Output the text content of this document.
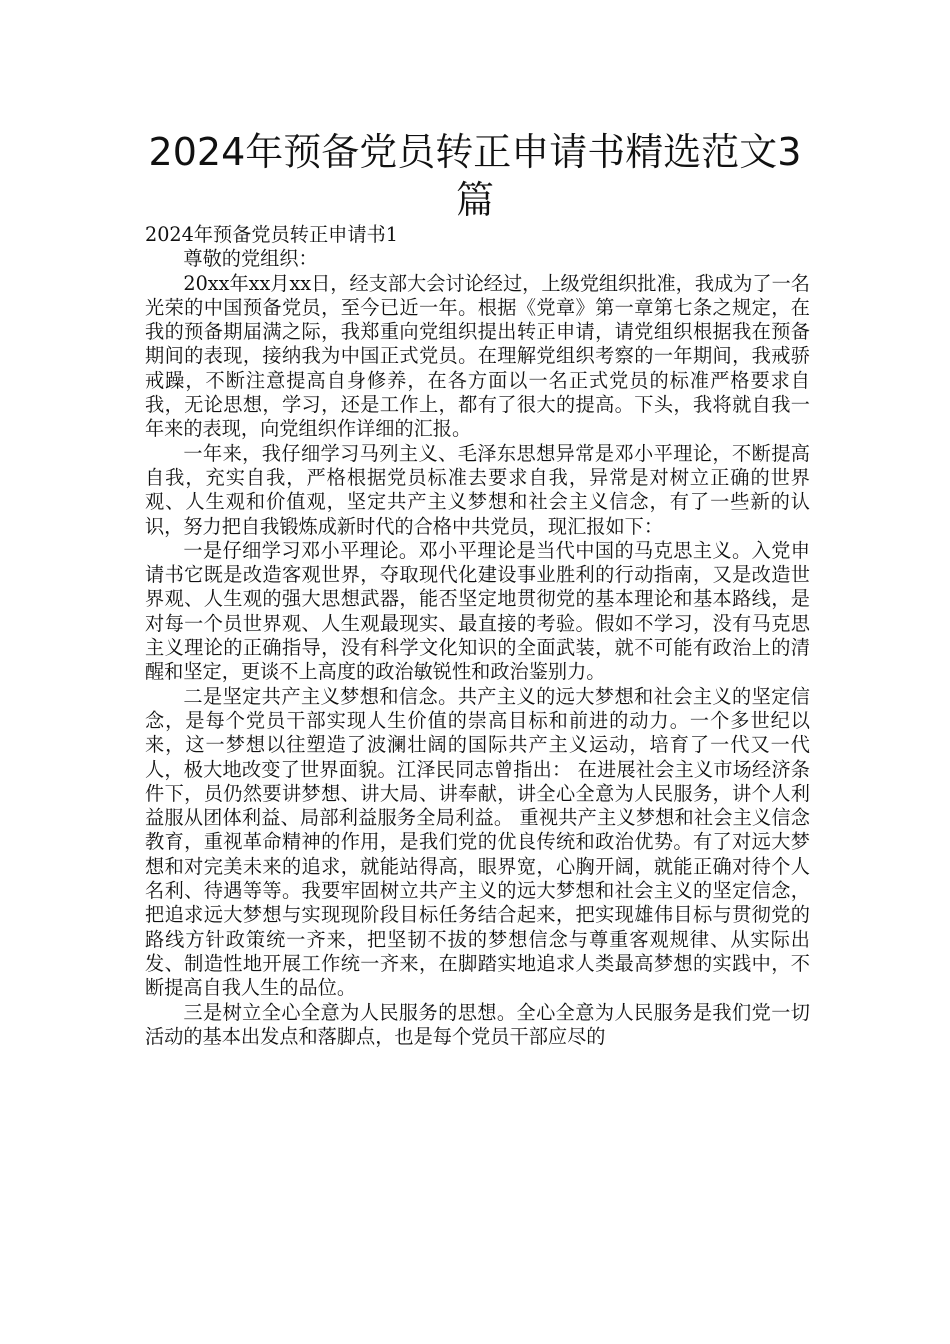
2024年预备党员转正申请书精选范文3篇

2024年预备党员转正申请书1

尊敬的党组织：

20xx年xx月xx日，经支部大会讨论经过，上级党组织批准，我成为了一名光荣的中国预备党员，至今已近一年。根据《党章》第一章第七条之规定，在我的预备期届满之际，我郑重向党组织提出转正申请，请党组织根据我在预备期间的表现，接纳我为中国正式党员。在理解党组织考察的一年期间，我戒骄戒躁，不断注意提高自身修养，在各方面以一名正式党员的标准严格要求自我，无论思想，学习，还是工作上，都有了很大的提高。下头，我将就自我一年来的表现，向党组织作详细的汇报。

一年来，我仔细学习马列主义、毛泽东思想异常是邓小平理论，不断提高自我，充实自我，严格根据党员标准去要求自我，异常是对树立正确的世界观、人生观和价值观，坚定共产主义梦想和社会主义信念，有了一些新的认识，努力把自我锻炼成新时代的合格中共党员，现汇报如下：

一是仔细学习邓小平理论。邓小平理论是当代中国的马克思主义。入党申请书它既是改造客观世界，夺取现代化建设事业胜利的行动指南，又是改造世界观、人生观的强大思想武器，能否坚定地贯彻党的基本理论和基本路线，是对每一个员世界观、人生观最现实、最直接的考验。假如不学习，没有马克思主义理论的正确指导，没有科学文化知识的全面武装，就不可能有政治上的清醒和坚定，更谈不上高度的政治敏锐性和政治鉴别力。

二是坚定共产主义梦想和信念。共产主义的远大梦想和社会主义的坚定信念，是每个党员干部实现人生价值的崇高目标和前进的动力。一个多世纪以来，这一梦想以往塑造了波澜壮阔的国际共产主义运动，培育了一代又一代人，极大地改变了世界面貌。江泽民同志曾指出： 在进展社会主义市场经济条件下，员仍然要讲梦想、讲大局、讲奉献，讲全心全意为人民服务，讲个人利益服从团体利益、局部利益服务全局利益。 重视共产主义梦想和社会主义信念教育，重视革命精神的作用，是我们党的优良传统和政治优势。有了对远大梦想和对完美未来的追求，就能站得高，眼界宽，心胸开阔，就能正确对待个人名利、待遇等等。我要牢固树立共产主义的远大梦想和社会主义的坚定信念，把追求远大梦想与实现现阶段目标任务结合起来，把实现雄伟目标与贯彻党的路线方针政策统一齐来，把坚韧不拔的梦想信念与尊重客观规律、从实际出发、制造性地开展工作统一齐来，在脚踏实地追求人类最高梦想的实践中，不断提高自我人生的品位。

三是树立全心全意为人民服务的思想。全心全意为人民服务是我们党一切活动的基本出发点和落脚点，也是每个党员干部应尽的
